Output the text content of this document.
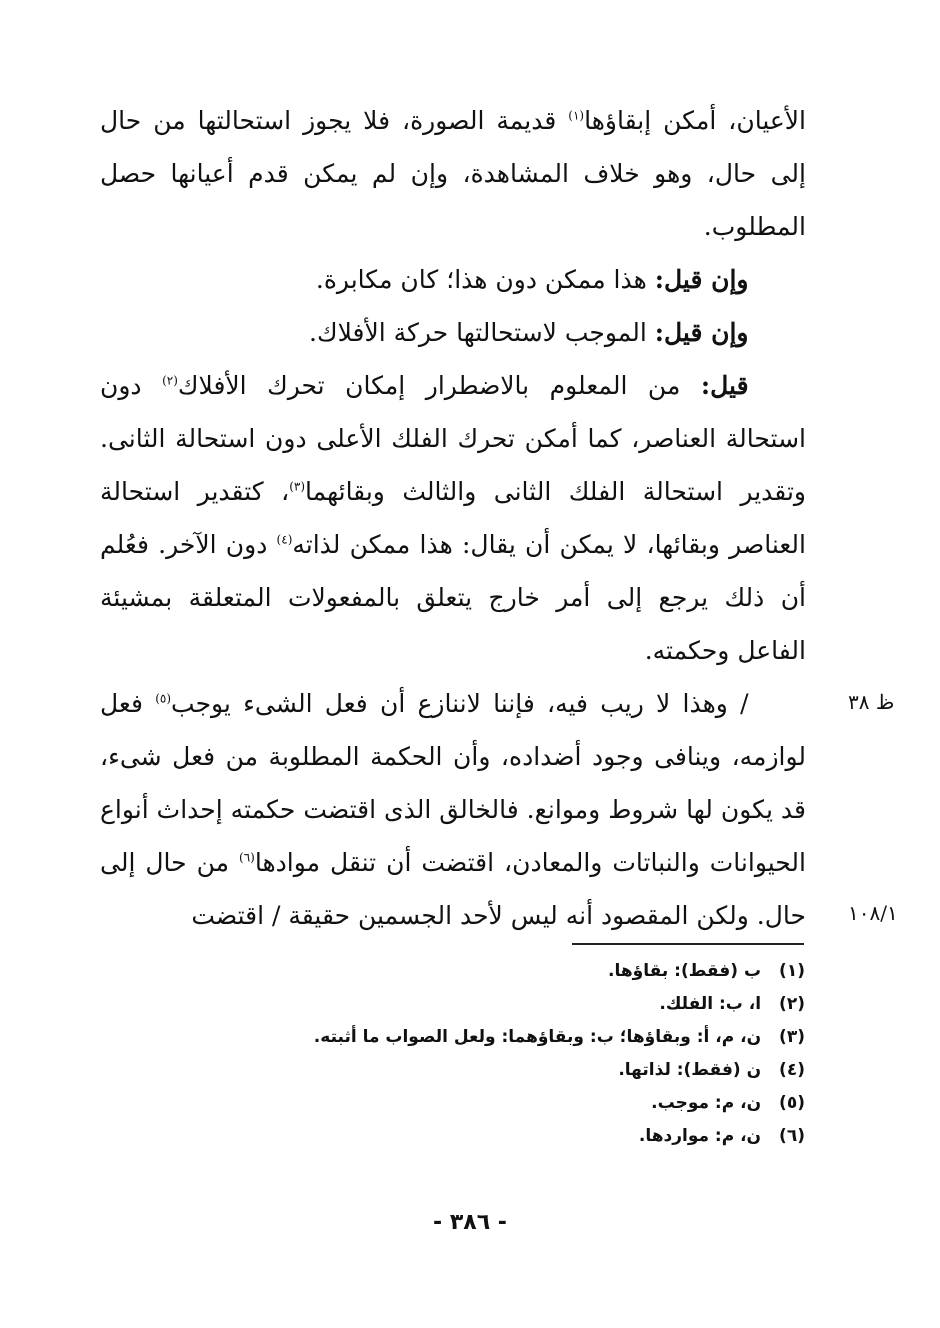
الأعيان، أمكن إبقاؤها$^{(١)}$ قديمة الصورة، فلا يجوز استحالتها من حال إلى حال، وهو خلاف المشاهدة، وإن لم يمكن قدم أعيانها حصل المطلوب.

وإن قيل: هذا ممكن دون هذا؛ كان مكابرة.

وإن قيل: الموجب لاستحالتها حركة الأفلاك.

قيل: من المعلوم بالاضطرار إمكان تحرك الأفلاك$^{(٢)}$ دون استحالة العناصر، كما أمكن تحرك الفلك الأعلى دون استحالة الثانى. وتقدير استحالة الفلك الثانى والثالث وبقائهما$^{(٣)}$، كتقدير استحالة العناصر وبقائها، لا يمكن أن يقال: هذا ممكن لذاته$^{(٤)}$ دون الآخر. فعُلم أن ذلك يرجع إلى أمر خارج يتعلق بالمفعولات المتعلقة بمشيئة الفاعل وحكمته.

/ وهذا لا ريب فيه، فإننا لاننازع أن فعل الشىء يوجب$^{(٥)}$ فعل لوازمه، وينافى وجود أضداده، وأن الحكمة المطلوبة من فعل شىء، قد يكون لها شروط وموانع. فالخالق الذى اقتضت حكمته إحداث أنواع الحيوانات والنباتات والمعادن، اقتضت أن تنقل موادها$^{(٦)}$ من حال إلى حال. ولكن المقصود أنه ليس لأحد الجسمين حقيقة / اقتضت

ظ ٣٨
١٠٨/١
(١) ب (فقط): بقاؤها.
(٢) ا، ب: الفلك.
(٣) ن، م، أ: وبقاؤها؛ ب: وبقاؤهما: ولعل الصواب ما أثبته.
(٤) ن (فقط): لذاتها.
(٥) ن، م: موجب.
(٦) ن، م: مواردها.
- ٣٨٦ -
